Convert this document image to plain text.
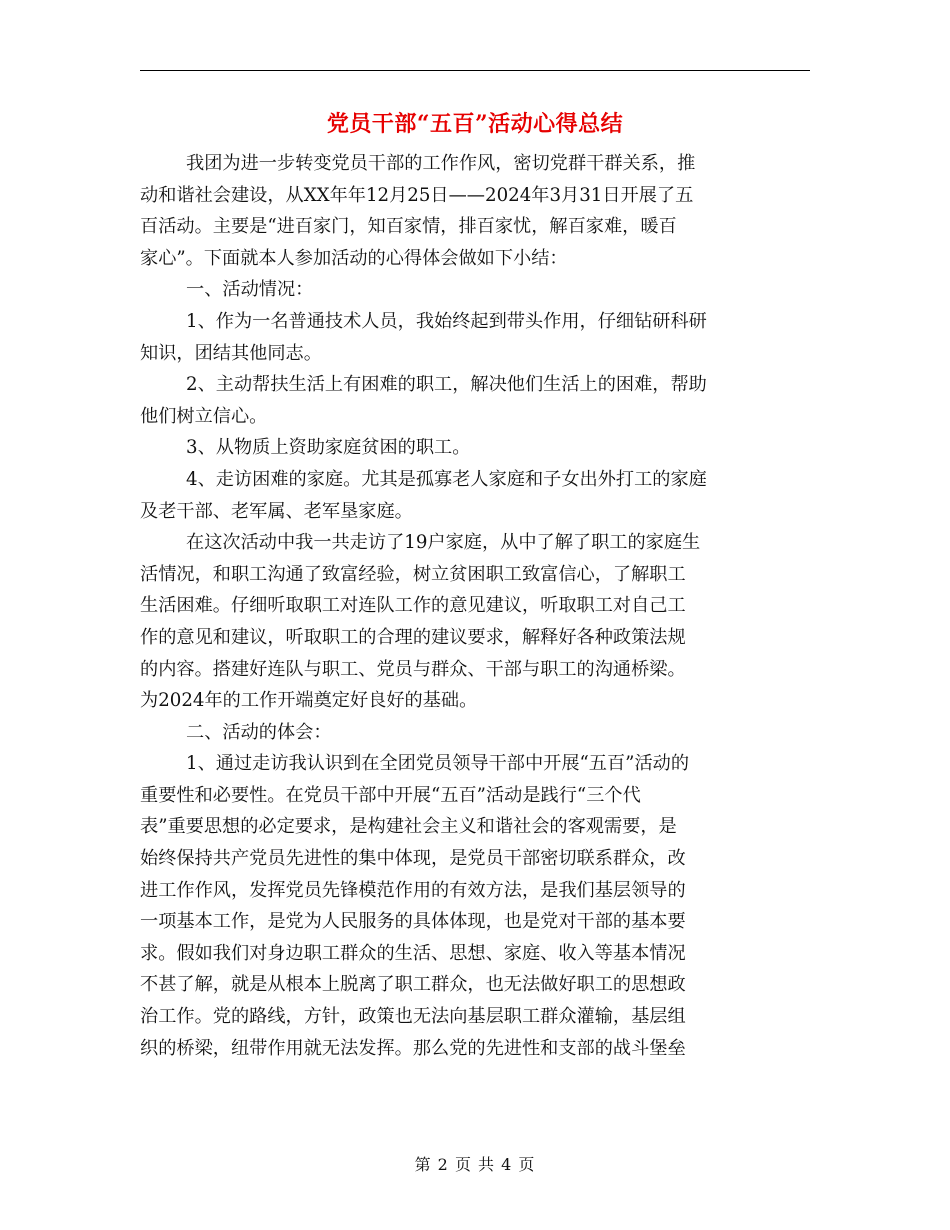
党员干部“五百”活动心得总结
我团为进一步转变党员干部的工作作风，密切党群干群关系，推
动和谐社会建设，从XX年年12月25日——2024年3月31日开展了五
百活动。主要是“进百家门，知百家情，排百家忧，解百家难，暖百
家心”。下面就本人参加活动的心得体会做如下小结：
一、活动情况：
1、作为一名普通技术人员，我始终起到带头作用，仔细钻研科研
知识，团结其他同志。
2、主动帮扶生活上有困难的职工，解决他们生活上的困难，帮助
他们树立信心。
3、从物质上资助家庭贫困的职工。
4、走访困难的家庭。尤其是孤寡老人家庭和子女出外打工的家庭
及老干部、老军属、老军垦家庭。
在这次活动中我一共走访了19户家庭，从中了解了职工的家庭生
活情况，和职工沟通了致富经验，树立贫困职工致富信心，了解职工
生活困难。仔细听取职工对连队工作的意见建议，听取职工对自己工
作的意见和建议，听取职工的合理的建议要求，解释好各种政策法规
的内容。搭建好连队与职工、党员与群众、干部与职工的沟通桥梁。
为2024年的工作开端奠定好良好的基础。
二、活动的体会：
1、通过走访我认识到在全团党员领导干部中开展“五百”活动的
重要性和必要性。在党员干部中开展“五百”活动是践行“三个代
表”重要思想的必定要求，是构建社会主义和谐社会的客观需要，是
始终保持共产党员先进性的集中体现，是党员干部密切联系群众，改
进工作作风，发挥党员先锋模范作用的有效方法，是我们基层领导的
一项基本工作，是党为人民服务的具体体现，也是党对干部的基本要
求。假如我们对身边职工群众的生活、思想、家庭、收入等基本情况
不甚了解，就是从根本上脱离了职工群众，也无法做好职工的思想政
治工作。党的路线，方针，政策也无法向基层职工群众灌输，基层组
织的桥梁，纽带作用就无法发挥。那么党的先进性和支部的战斗堡垒
第 2 页 共 4 页
